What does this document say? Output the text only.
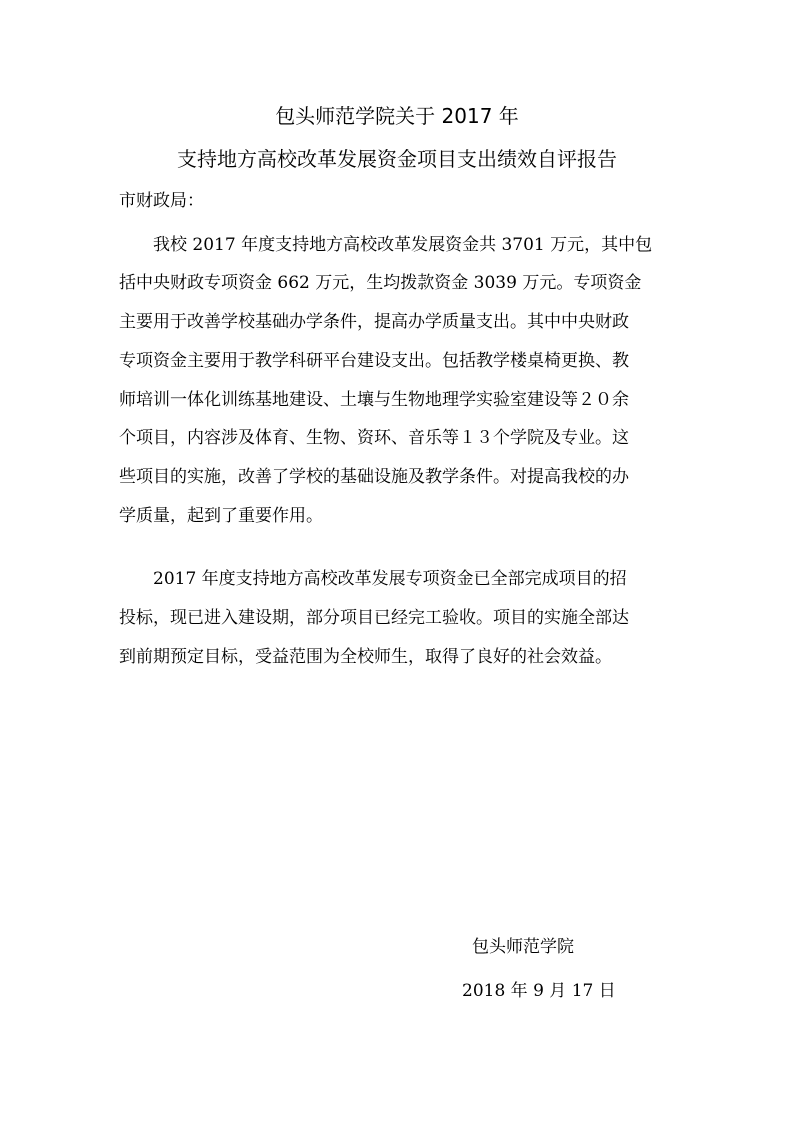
包头师范学院关于 2017 年
支持地方高校改革发展资金项目支出绩效自评报告
市财政局：
我校 2017 年度支持地方高校改革发展资金共 3701 万元，其中包
括中央财政专项资金 662 万元，生均拨款资金 3039 万元。专项资金
主要用于改善学校基础办学条件，提高办学质量支出。其中中央财政
专项资金主要用于教学科研平台建设支出。包括教学楼桌椅更换、教
师培训一体化训练基地建设、土壤与生物地理学实验室建设等２０余
个项目，内容涉及体育、生物、资环、音乐等１３个学院及专业。这
些项目的实施，改善了学校的基础设施及教学条件。对提高我校的办
学质量，起到了重要作用。
2017 年度支持地方高校改革发展专项资金已全部完成项目的招
投标，现已进入建设期，部分项目已经完工验收。项目的实施全部达
到前期预定目标，受益范围为全校师生，取得了良好的社会效益。
包头师范学院
2018 年 9 月 17 日
